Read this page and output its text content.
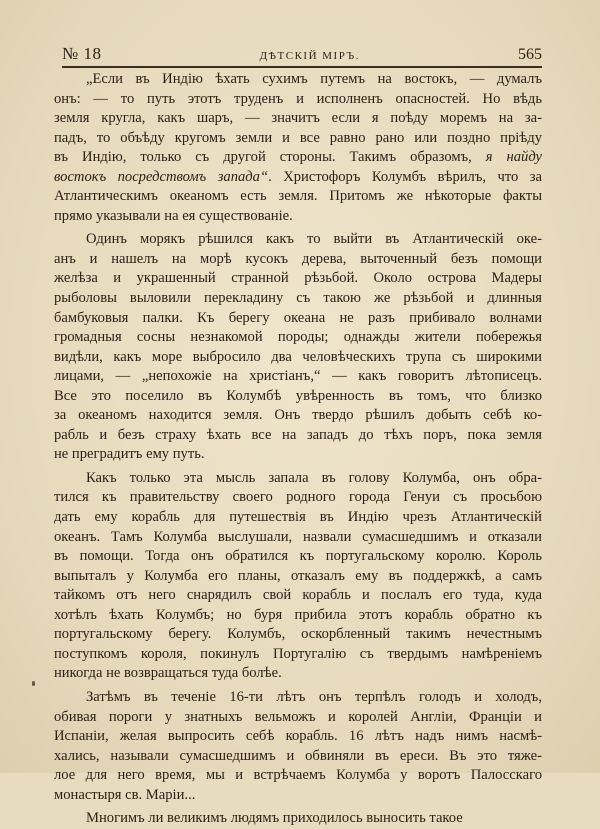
№ 18	ДѢТСКІЙ МІРЪ.	565
„Если въ Индію ѣхать сухимъ путемъ на востокъ, — думалъ
онъ: — то путь этотъ труденъ и исполненъ опасностей. Но вѣдь
земля кругла, какъ шаръ, — значитъ если я поѣду моремъ на за-
падъ, то объѣду кругомъ земли и все равно рано или поздно пріѣду
въ Индію, только съ другой стороны. Такимъ образомъ, я найду
востокъ посредствомъ запада“. Христофоръ Колумбъ вѣрилъ, что за
Атлантическимъ океаномъ есть земля. Притомъ же нѣкоторые факты
прямо указывали на ея существованіе.
Одинъ морякъ рѣшился какъ то выйти въ Атлантическій оке-
анъ и нашелъ на морѣ кусокъ дерева, выточенный безъ помощи
желѣза и украшенный странной рѣзьбой. Около острова Мадеры
рыболовы выловили перекладину съ такою же рѣзьбой и длинныя
бамбуковыя палки. Къ берегу океана не разъ прибивало волнами
громадныя сосны незнакомой породы; однажды жители побережья
видѣли, какъ море выбросило два человѣческихъ трупа съ широкими
лицами, — „непохожіе на христіанъ,“ — какъ говоритъ лѣтописецъ.
Все это поселило въ Колумбѣ увѣренность въ томъ, что близко
за океаномъ находится земля. Онъ твердо рѣшилъ добыть себѣ ко-
рабль и безъ страху ѣхать все на западъ до тѣхъ поръ, пока земля
не преградитъ ему путь.
Какъ только эта мысль запала въ голову Колумба, онъ обра-
тился къ правительству своего родного города Генуи съ просьбою
дать ему корабль для путешествія въ Индію чрезъ Атлантическій
океанъ. Тамъ Колумба выслушали, назвали сумасшедшимъ и отказали
въ помощи. Тогда онъ обратился къ португальскому королю. Король
выпыталъ у Колумба его планы, отказалъ ему въ поддержкѣ, а самъ
тайкомъ отъ него снарядилъ свой корабль и послалъ его туда, куда
хотѣлъ ѣхать Колумбъ; но буря прибила этотъ корабль обратно къ
португальскому берегу. Колумбъ, оскорбленный такимъ нечестнымъ
поступкомъ короля, покинулъ Португалію съ твердымъ намѣреніемъ
никогда не возвращаться туда болѣе.
Затѣмъ въ теченіе 16-ти лѣтъ онъ терпѣлъ голодъ и холодъ,
обивая пороги у знатныхъ вельможъ и королей Англіи, Франціи и
Испаніи, желая выпросить себѣ корабль. 16 лѣтъ надъ нимъ насмѣ-
хались, называли сумасшедшимъ и обвиняли въ ереси. Въ это тяже-
лое для него время, мы и встрѣчаемъ Колумба у воротъ Палосскаго
монастыря св. Маріи...
Многимъ ли великимъ людямъ приходилось выносить такое
